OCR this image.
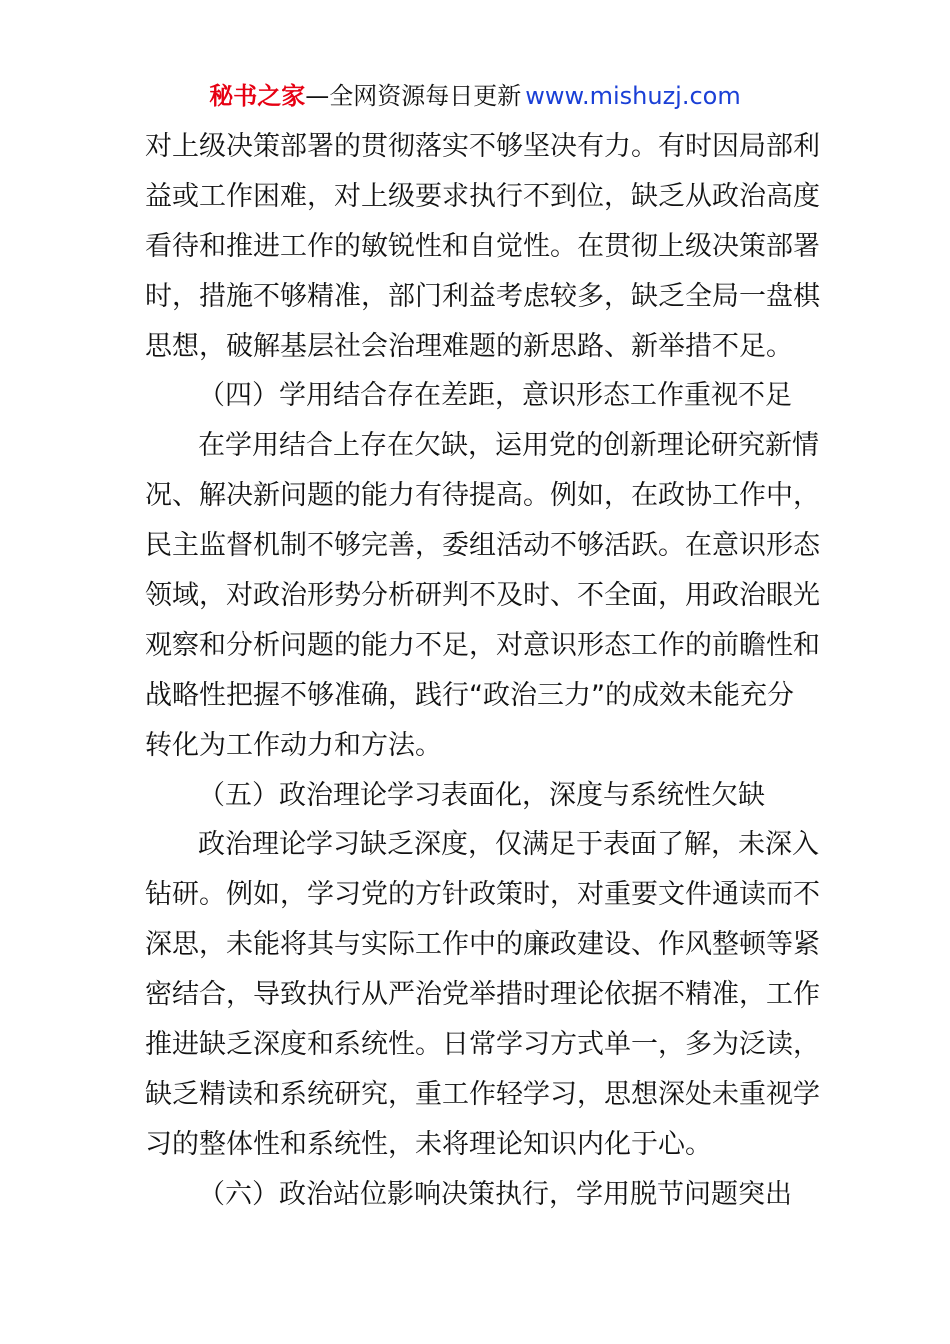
秘书之家—全网资源每日更新 www.mishuzj.com
对上级决策部署的贯彻落实不够坚决有力。有时因局部利
益或工作困难，对上级要求执行不到位，缺乏从政治高度
看待和推进工作的敏锐性和自觉性。在贯彻上级决策部署
时，措施不够精准，部门利益考虑较多，缺乏全局一盘棋
思想，破解基层社会治理难题的新思路、新举措不足。
（四）学用结合存在差距，意识形态工作重视不足
在学用结合上存在欠缺，运用党的创新理论研究新情
况、解决新问题的能力有待提高。例如，在政协工作中，
民主监督机制不够完善，委组活动不够活跃。在意识形态
领域，对政治形势分析研判不及时、不全面，用政治眼光
观察和分析问题的能力不足，对意识形态工作的前瞻性和
战略性把握不够准确，践行“政治三力”的成效未能充分
转化为工作动力和方法。
（五）政治理论学习表面化，深度与系统性欠缺
政治理论学习缺乏深度，仅满足于表面了解，未深入
钻研。例如，学习党的方针政策时，对重要文件通读而不
深思，未能将其与实际工作中的廉政建设、作风整顿等紧
密结合，导致执行从严治党举措时理论依据不精准，工作
推进缺乏深度和系统性。日常学习方式单一，多为泛读，
缺乏精读和系统研究，重工作轻学习，思想深处未重视学
习的整体性和系统性，未将理论知识内化于心。
（六）政治站位影响决策执行，学用脱节问题突出
